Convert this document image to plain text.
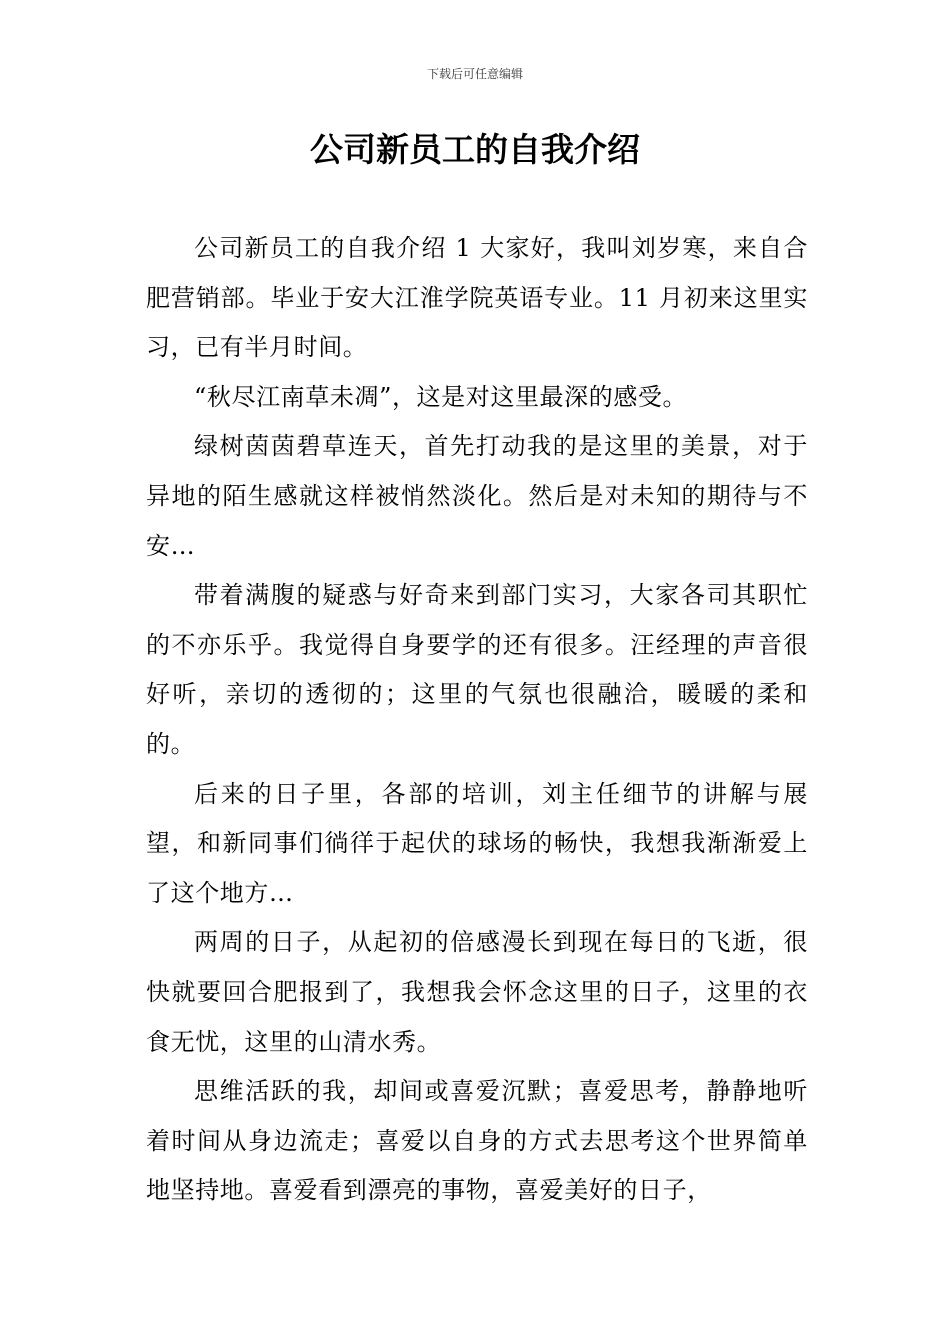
下载后可任意编辑
公司新员工的自我介绍

公司新员工的自我介绍 1 大家好，我叫刘岁寒，来自合肥营销部。毕业于安大江淮学院英语专业。11 月初来这里实习，已有半月时间。

“秋尽江南草未凋”，这是对这里最深的感受。

绿树茵茵碧草连天，首先打动我的是这里的美景，对于异地的陌生感就这样被悄然淡化。然后是对未知的期待与不安…

带着满腹的疑惑与好奇来到部门实习，大家各司其职忙的不亦乐乎。我觉得自身要学的还有很多。汪经理的声音很好听，亲切的透彻的；这里的气氛也很融洽，暖暖的柔和的。

后来的日子里，各部的培训，刘主任细节的讲解与展望，和新同事们徜徉于起伏的球场的畅快，我想我渐渐爱上了这个地方…

两周的日子，从起初的倍感漫长到现在每日的飞逝，很快就要回合肥报到了，我想我会怀念这里的日子，这里的衣食无忧，这里的山清水秀。

思维活跃的我，却间或喜爱沉默；喜爱思考，静静地听着时间从身边流走；喜爱以自身的方式去思考这个世界简单地坚持地。喜爱看到漂亮的事物，喜爱美好的日子，
